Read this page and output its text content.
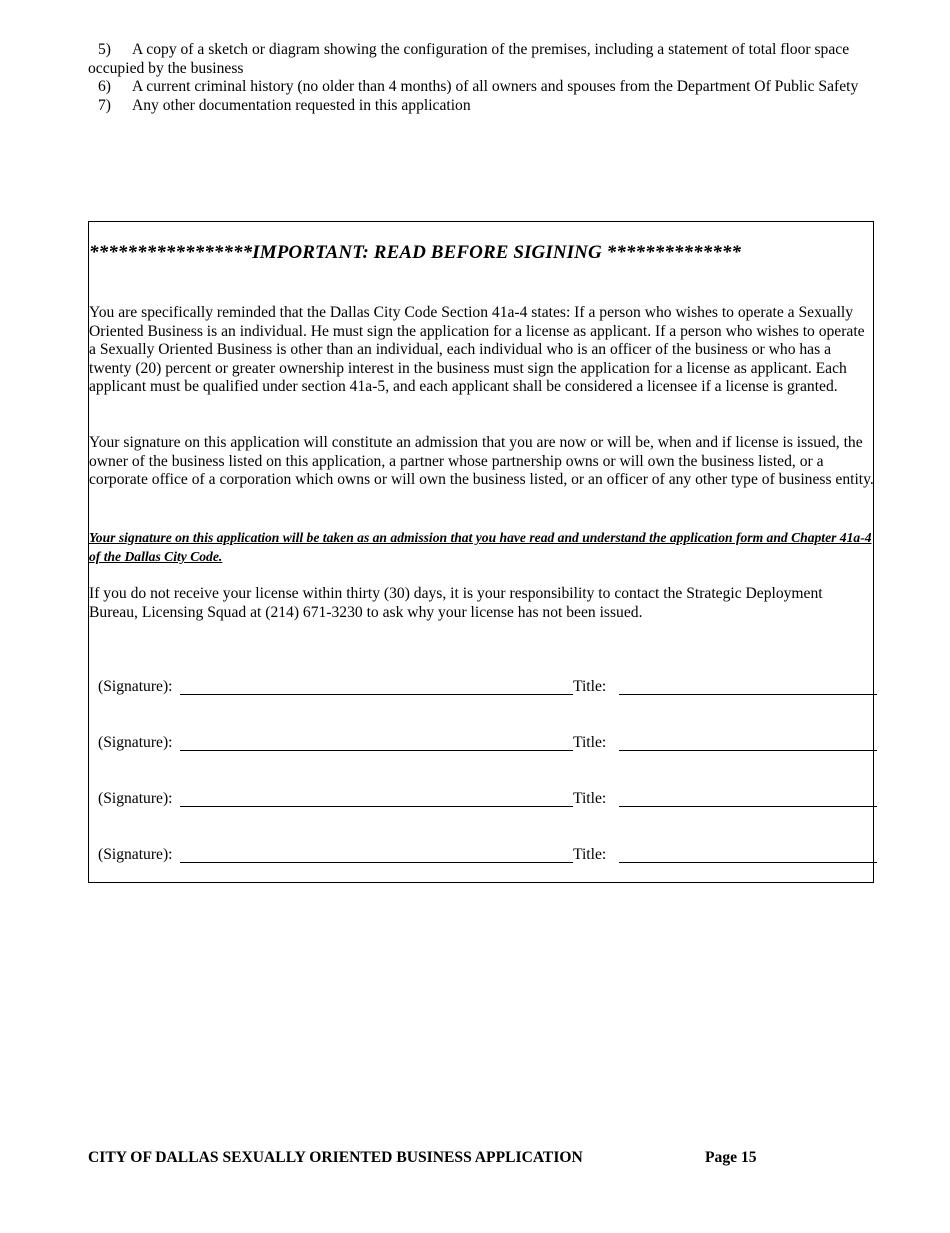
5) A copy of a sketch or diagram showing the configuration of the premises, including a statement of total floor space occupied by the business

6) A current criminal history (no older than 4 months) of all owners and spouses from the Department Of Public Safety

7) Any other documentation requested in this application

*****************IMPORTANT: READ BEFORE SIGINING **************

You are specifically reminded that the Dallas City Code Section 41a-4 states: If a person who wishes to operate a Sexually Oriented Business is an individual. He must sign the application for a license as applicant. If a person who wishes to operate a Sexually Oriented Business is other than an individual, each individual who is an officer of the business or who has a twenty (20) percent or greater ownership interest in the business must sign the application for a license as applicant. Each applicant must be qualified under section 41a-5, and each applicant shall be considered a licensee if a license is granted.

Your signature on this application will constitute an admission that you are now or will be, when and if license is issued, the owner of the business listed on this application, a partner whose partnership owns or will own the business listed, or a corporate office of a corporation which owns or will own the business listed, or an officer of any other type of business entity.

Your signature on this application will be taken as an admission that you have read and understand the application form and Chapter 41a-4 of the Dallas City Code.

If you do not receive your license within thirty (30) days, it is your responsibility to contact the Strategic Deployment Bureau, Licensing Squad at (214) 671-3230 to ask why your license has not been issued.

(Signature):	Title:
(Signature):	Title:
(Signature):	Title:
(Signature):	Title:
CITY OF DALLAS SEXUALLY ORIENTED BUSINESS APPLICATION	Page 15
